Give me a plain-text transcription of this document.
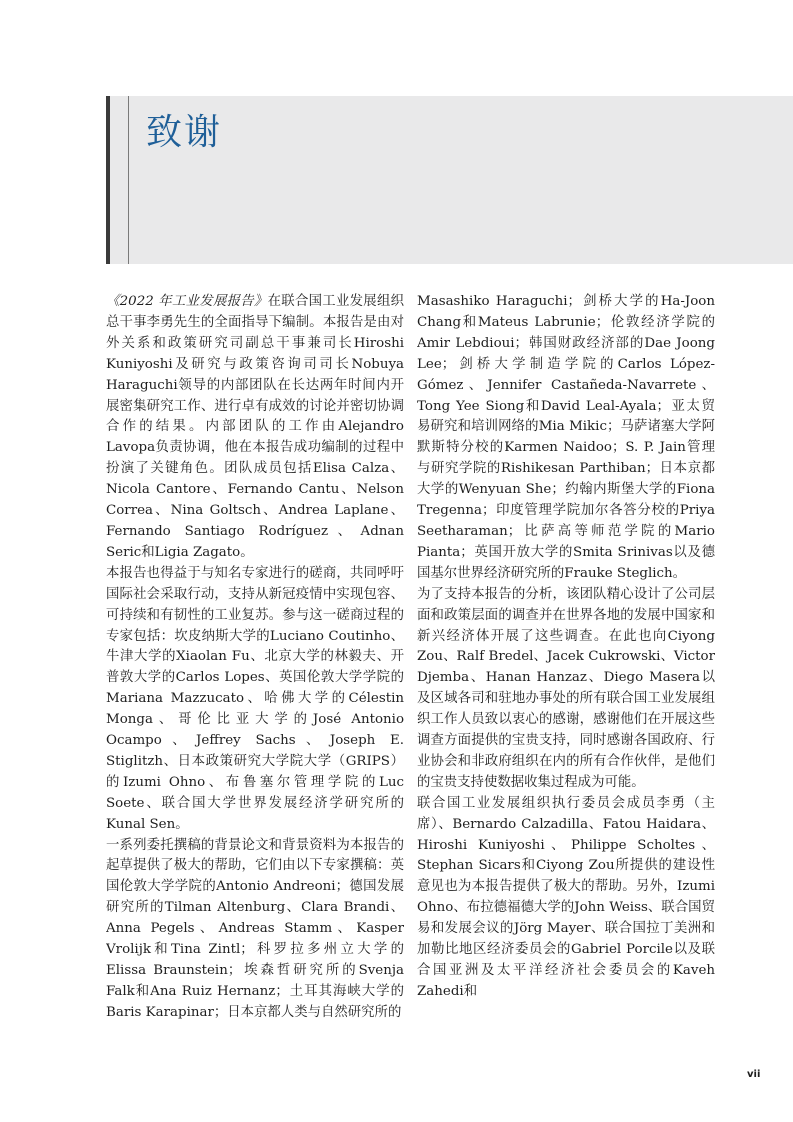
致谢

《2022 年工业发展报告》在联合国工业发展组织总干事李勇先生的全面指导下编制。本报告是由对外关系和政策研究司副总干事兼司长Hiroshi Kuniyoshi及研究与政策咨询司司长Nobuya Haraguchi领导的内部团队在长达两年时间内开展密集研究工作、进行卓有成效的讨论并密切协调合作的结果。内部团队的工作由Alejandro Lavopa负责协调，他在本报告成功编制的过程中扮演了关键角色。团队成员包括Elisa Calza、Nicola Cantore、Fernando Cantu、Nelson Correa、Nina Goltsch、Andrea Laplane、Fernando Santiago Rodríguez、Adnan Seric和Ligia Zagato。

本报告也得益于与知名专家进行的磋商，共同呼吁国际社会采取行动，支持从新冠疫情中实现包容、可持续和有韧性的工业复苏。参与这一磋商过程的专家包括：坎皮纳斯大学的Luciano Coutinho、牛津大学的Xiaolan Fu、北京大学的林毅夫、开普敦大学的Carlos Lopes、英国伦敦大学学院的Mariana Mazzucato、哈佛大学的Célestin Monga、哥伦比亚大学的José Antonio Ocampo、Jeffrey Sachs、Joseph E. Stiglitzh、日本政策研究大学院大学（GRIPS）的Izumi Ohno、布鲁塞尔管理学院的Luc Soete、联合国大学世界发展经济学研究所的Kunal Sen。

一系列委托撰稿的背景论文和背景资料为本报告的起草提供了极大的帮助，它们由以下专家撰稿：英国伦敦大学学院的Antonio Andreoni；德国发展研究所的Tilman Altenburg、Clara Brandi、Anna Pegels、Andreas Stamm、Kasper Vrolijk和Tina Zintl；科罗拉多州立大学的Elissa Braunstein；埃森哲研究所的Svenja Falk和Ana Ruiz Hernanz；土耳其海峡大学的Baris Karapinar；日本京都人类与自然研究所的

Masashiko Haraguchi；剑桥大学的Ha-Joon Chang和Mateus Labrunie；伦敦经济学院的Amir Lebdioui；韩国财政经济部的Dae Joong Lee；剑桥大学制造学院的Carlos López-Gómez、Jennifer Castañeda-Navarrete、Tong Yee Siong和David Leal-Ayala；亚太贸易研究和培训网络的Mia Mikic；马萨诸塞大学阿默斯特分校的Karmen Naidoo；S. P. Jain管理与研究学院的Rishikesan Parthiban；日本京都大学的Wenyuan She；约翰内斯堡大学的Fiona Tregenna；印度管理学院加尔各答分校的Priya Seetharaman；比萨高等师范学院的Mario Pianta；英国开放大学的Smita Srinivas以及德国基尔世界经济研究所的Frauke Steglich。

为了支持本报告的分析，该团队精心设计了公司层面和政策层面的调查并在世界各地的发展中国家和新兴经济体开展了这些调查。在此也向Ciyong Zou、Ralf Bredel、Jacek Cukrowski、Victor Djemba、Hanan Hanzaz、Diego Masera以及区域各司和驻地办事处的所有联合国工业发展组织工作人员致以衷心的感谢，感谢他们在开展这些调查方面提供的宝贵支持，同时感谢各国政府、行业协会和非政府组织在内的所有合作伙伴，是他们的宝贵支持使数据收集过程成为可能。

联合国工业发展组织执行委员会成员李勇（主席）、Bernardo Calzadilla、Fatou Haidara、Hiroshi Kuniyoshi、Philippe Scholtes、Stephan Sicars和Ciyong Zou所提供的建设性意见也为本报告提供了极大的帮助。另外，Izumi Ohno、布拉德福德大学的John Weiss、联合国贸易和发展会议的Jörg Mayer、联合国拉丁美洲和加勒比地区经济委员会的Gabriel Porcile以及联合国亚洲及太平洋经济社会委员会的Kaveh Zahedi和

vii
